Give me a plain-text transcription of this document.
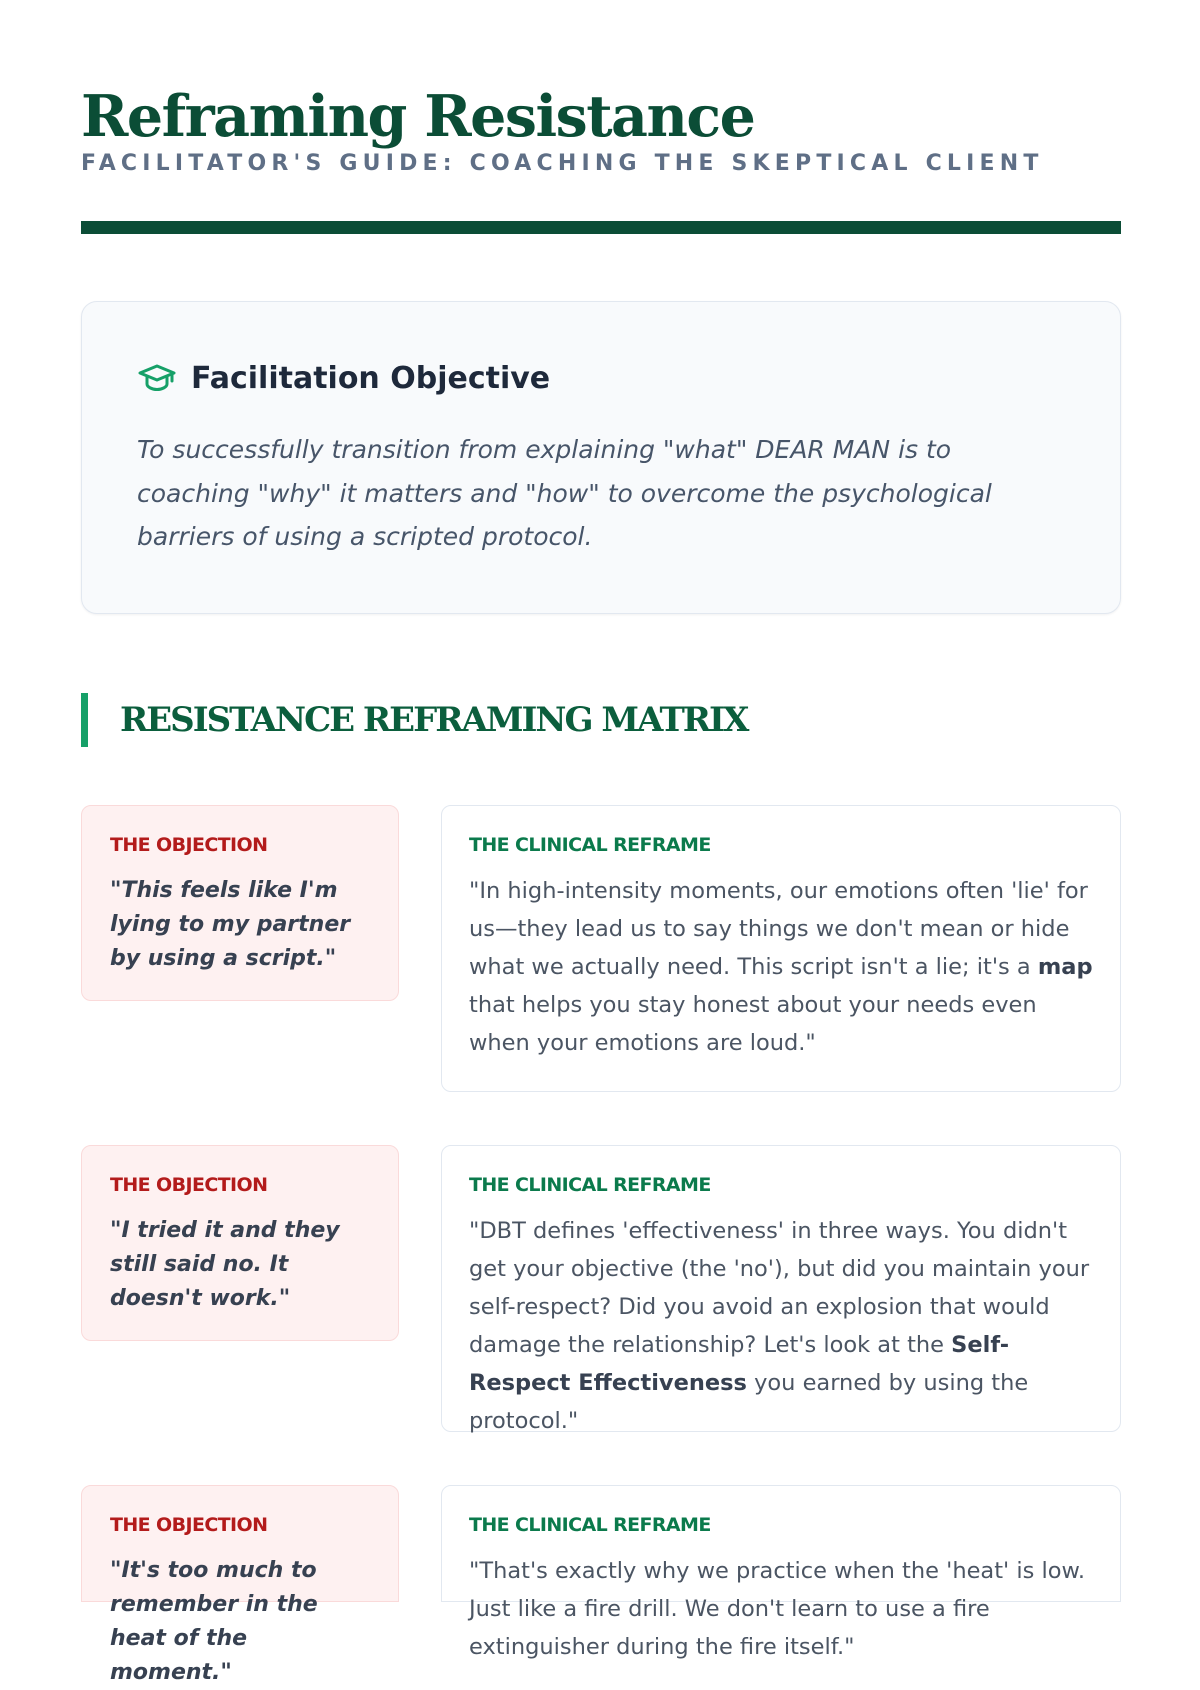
Reframing Resistance
FACILITATOR'S GUIDE: COACHING THE SKEPTICAL CLIENT
Facilitation Objective

To successfully transition from explaining "what" DEAR MAN is to coaching "why" it matters and "how" to overcome the psychological barriers of using a scripted protocol.

RESISTANCE REFRAMING MATRIX
THE OBJECTION

"This feels like I'm lying to my partner by using a script."

THE CLINICAL REFRAME

"In high-intensity moments, our emotions often 'lie' for us—they lead us to say things we don't mean or hide what we actually need. This script isn't a lie; it's a map that helps you stay honest about your needs even when your emotions are loud."

THE OBJECTION

"I tried it and they still said no. It doesn't work."

THE CLINICAL REFRAME

"DBT defines 'effectiveness' in three ways. You didn't get your objective (the 'no'), but did you maintain your self-respect? Did you avoid an explosion that would damage the relationship? Let's look at the Self-Respect Effectiveness you earned by using the protocol."

THE OBJECTION

"It's too much to remember in the heat of the moment."

THE CLINICAL REFRAME

"That's exactly why we practice when the 'heat' is low. Just like a fire drill. We don't learn to use a fire extinguisher during the fire itself."
